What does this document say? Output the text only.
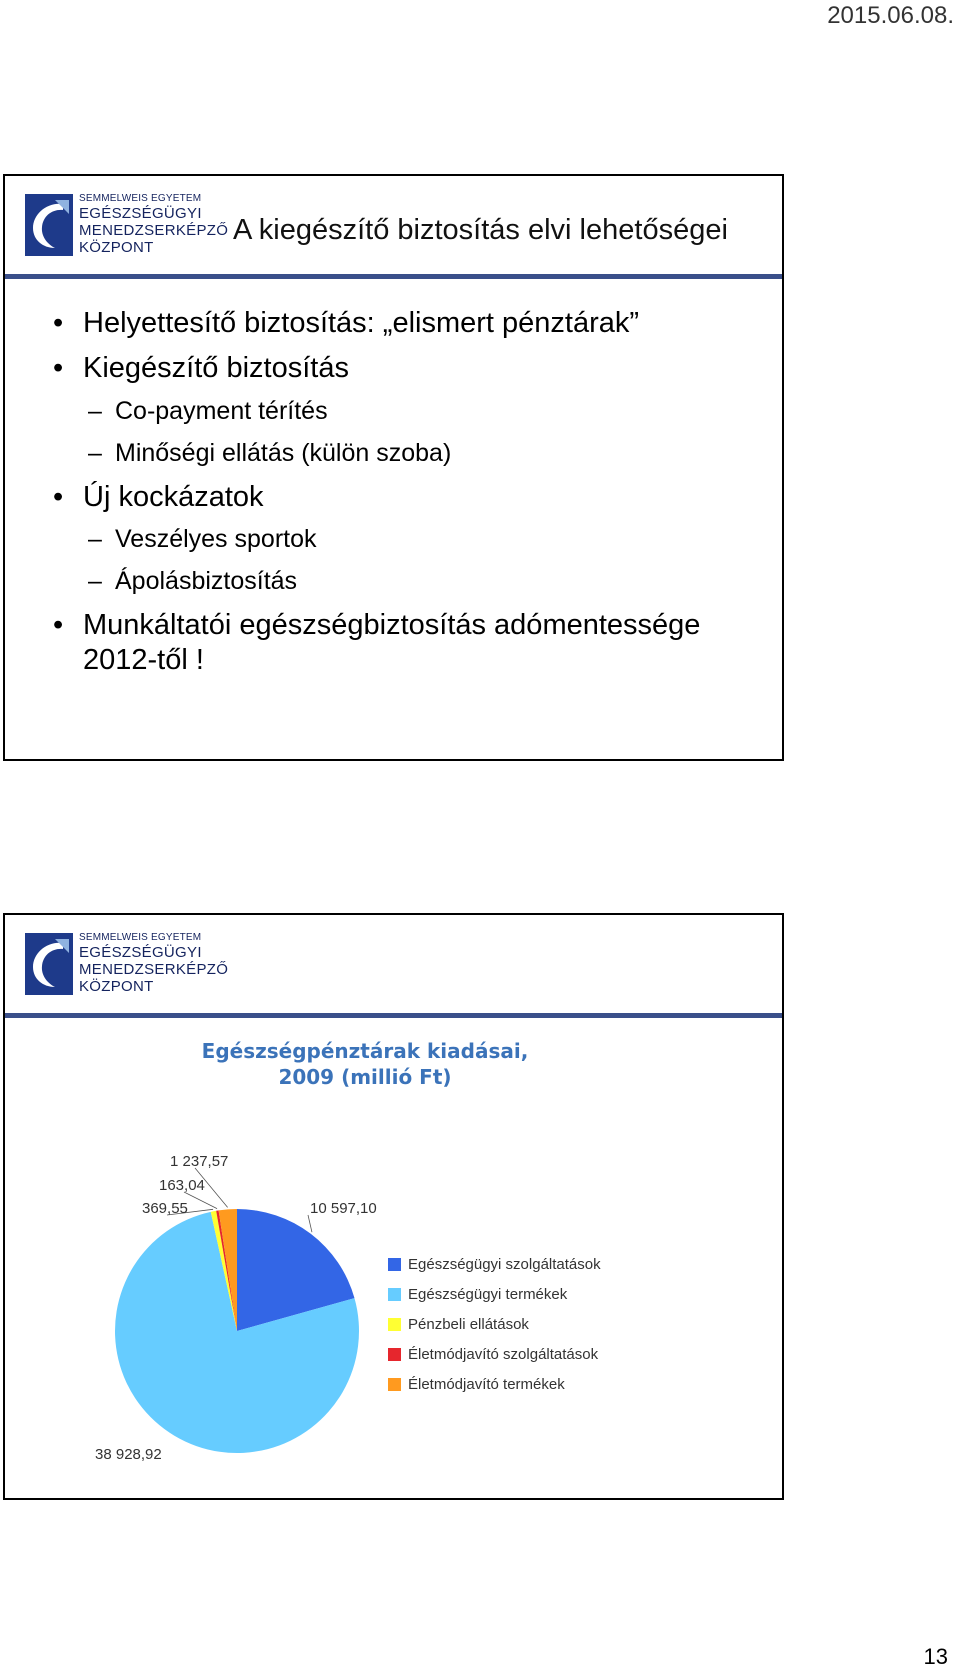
2015.06.08.
SEMMELWEIS EGYETEM
EGÉSZSÉGÜGYI
MENEDZSERKÉPZŐ
KÖZPONT
A kiegészítő biztosítás elvi lehetőségei
• Helyettesítő biztosítás: „elismert pénztárak”
• Kiegészítő biztosítás
– Co-payment térítés
– Minőségi ellátás (külön szoba)
• Új kockázatok
– Veszélyes sportok
– Ápolásbiztosítás
• Munkáltatói egészségbiztosítás adómentessége 2012-től !
SEMMELWEIS EGYETEM
EGÉSZSÉGÜGYI
MENEDZSERKÉPZŐ
KÖZPONT
Egészségpénztárak kiadásai,
2009 (millió Ft)
10 597,10
38 928,92
369,55
163,04
1 237,57
Egészségügyi szolgáltatások
Egészségügyi termékek
Pénzbeli ellátások
Életmódjavító szolgáltatások
Életmódjavító termékek
13
